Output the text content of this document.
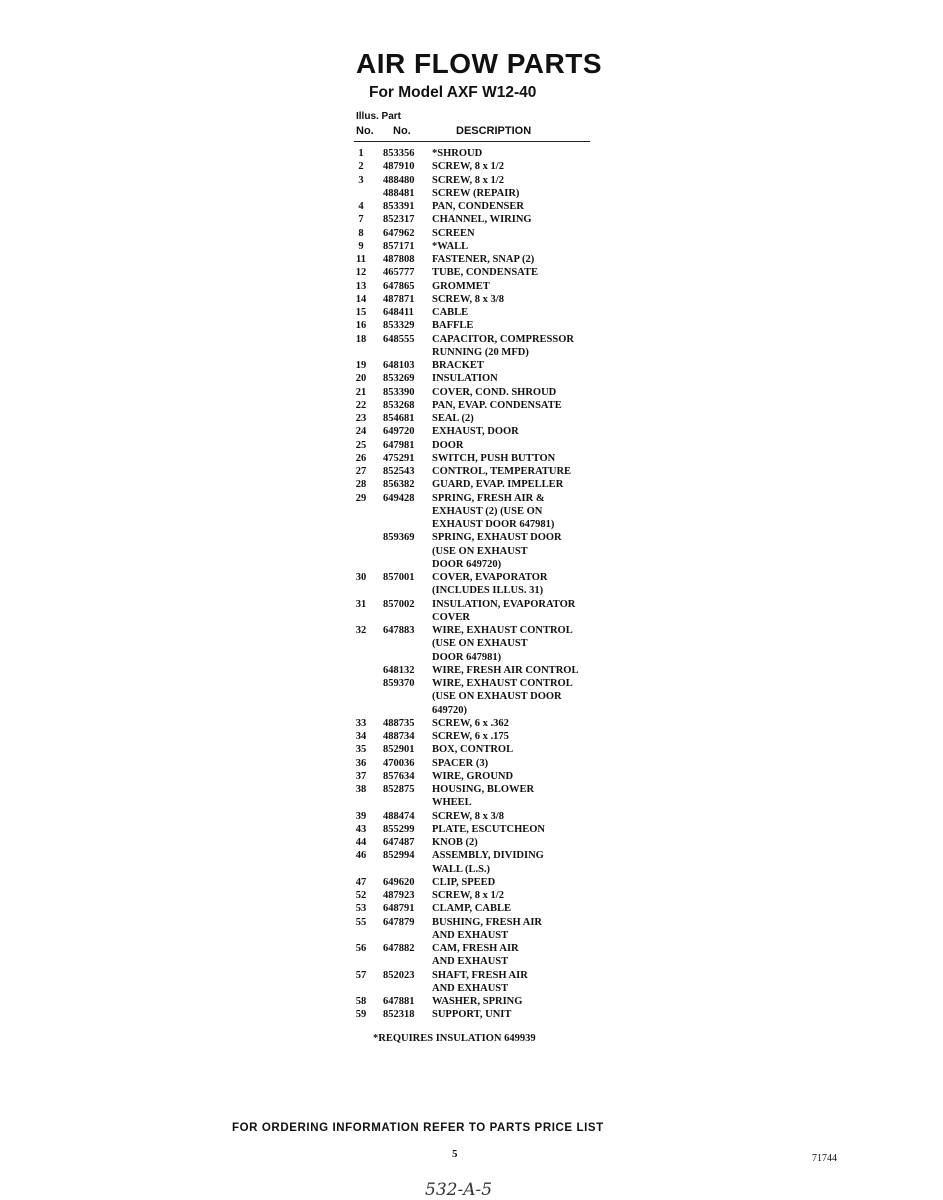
AIR FLOW PARTS
For Model AXF W12-40
Illus. Part
No. No.	DESCRIPTION
1	853356 *SHROUD
2	487910 SCREW, 8 x 1/2
3	488480 SCREW, 8 x 1/2
488481 SCREW (REPAIR)
4	853391 PAN, CONDENSER
7	852317 CHANNEL, WIRING
8	647962 SCREEN
9	857171 *WALL
11	487808 FASTENER, SNAP (2)
12	465777 TUBE, CONDENSATE
13	647865 GROMMET
14	487871 SCREW, 8 x 3/8
15	648411 CABLE
16	853329 BAFFLE
18	648555 CAPACITOR, COMPRESSOR
RUNNING (20 MFD)
19	648103 BRACKET
20	853269 INSULATION
21	853390 COVER, COND. SHROUD
22	853268 PAN, EVAP. CONDENSATE
23	854681 SEAL (2)
24	649720 EXHAUST, DOOR
25	647981 DOOR
26	475291 SWITCH, PUSH BUTTON
27	852543 CONTROL, TEMPERATURE
28	856382 GUARD, EVAP. IMPELLER
29	649428 SPRING, FRESH AIR &
EXHAUST (2) (USE ON
EXHAUST DOOR 647981)
859369 SPRING, EXHAUST DOOR
(USE ON EXHAUST
DOOR 649720)
30	857001 COVER, EVAPORATOR
(INCLUDES ILLUS. 31)
31	857002 INSULATION, EVAPORATOR
COVER
32	647883 WIRE, EXHAUST CONTROL
(USE ON EXHAUST
DOOR 647981)
648132 WIRE, FRESH AIR CONTROL
859370 WIRE, EXHAUST CONTROL
(USE ON EXHAUST DOOR
649720)
33	488735 SCREW, 6 x .362
34	488734 SCREW, 6 x .175
35	852901 BOX, CONTROL
36	470036 SPACER (3)
37	857634 WIRE, GROUND
38	852875 HOUSING, BLOWER
WHEEL
39	488474 SCREW, 8 x 3/8
43	855299 PLATE, ESCUTCHEON
44	647487 KNOB (2)
46	852994 ASSEMBLY, DIVIDING
WALL (L.S.)
47	649620 CLIP, SPEED
52	487923 SCREW, 8 x 1/2
53	648791 CLAMP, CABLE
55	647879 BUSHING, FRESH AIR
AND EXHAUST
56	647882 CAM, FRESH AIR
AND EXHAUST
57	852023 SHAFT, FRESH AIR
AND EXHAUST
58	647881 WASHER, SPRING
59	852318 SUPPORT, UNIT
*REQUIRES INSULATION 649939
FOR ORDERING INFORMATION REFER TO PARTS PRICE LIST
5	71744
532-A-5
